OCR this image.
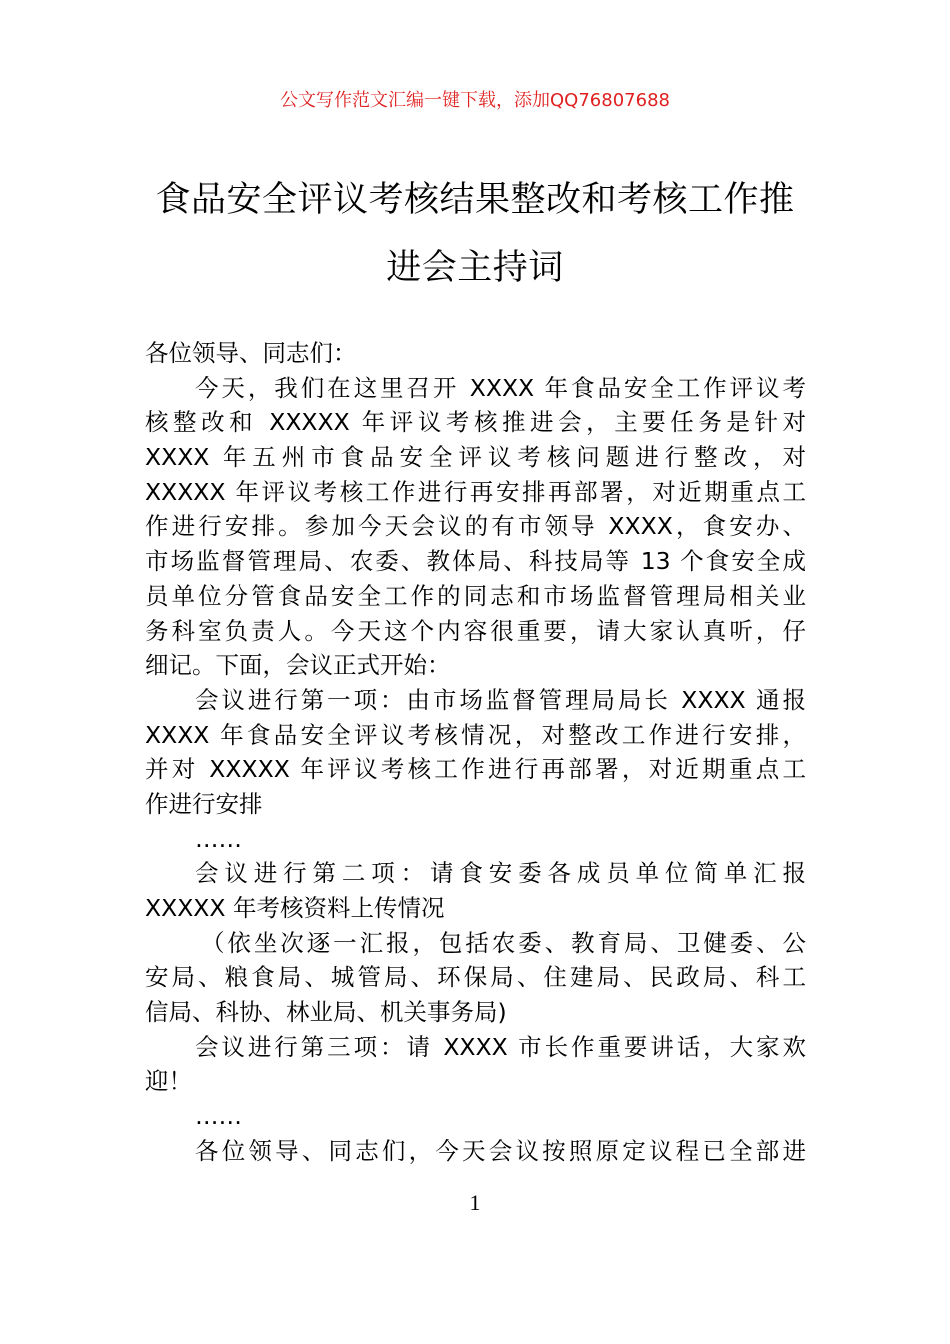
公文写作范文汇编一键下载，添加QQ76807688
食品安全评议考核结果整改和考核工作推
进会主持词
各位领导、同志们：
今天，我们在这里召开 XXXX 年食品安全工作评议考
核整改和 XXXXX 年评议考核推进会，主要任务是针对
XXXX 年五州市食品安全评议考核问题进行整改，对
XXXXX 年评议考核工作进行再安排再部署，对近期重点工
作进行安排。参加今天会议的有市领导 XXXX，食安办、
市场监督管理局、农委、教体局、科技局等 13 个食安全成
员单位分管食品安全工作的同志和市场监督管理局相关业
务科室负责人。今天这个内容很重要，请大家认真听，仔
细记。下面，会议正式开始：
会议进行第一项：由市场监督管理局局长 XXXX 通报
XXXX 年食品安全评议考核情况，对整改工作进行安排，
并对 XXXXX 年评议考核工作进行再部署，对近期重点工
作进行安排
……
会议进行第二项：请食安委各成员单位简单汇报
XXXXX 年考核资料上传情况
（依坐次逐一汇报，包括农委、教育局、卫健委、公
安局、粮食局、城管局、环保局、住建局、民政局、科工
信局、科协、林业局、机关事务局)
会议进行第三项：请 XXXX 市长作重要讲话，大家欢
迎！
……
各位领导、同志们，今天会议按照原定议程已全部进
1
